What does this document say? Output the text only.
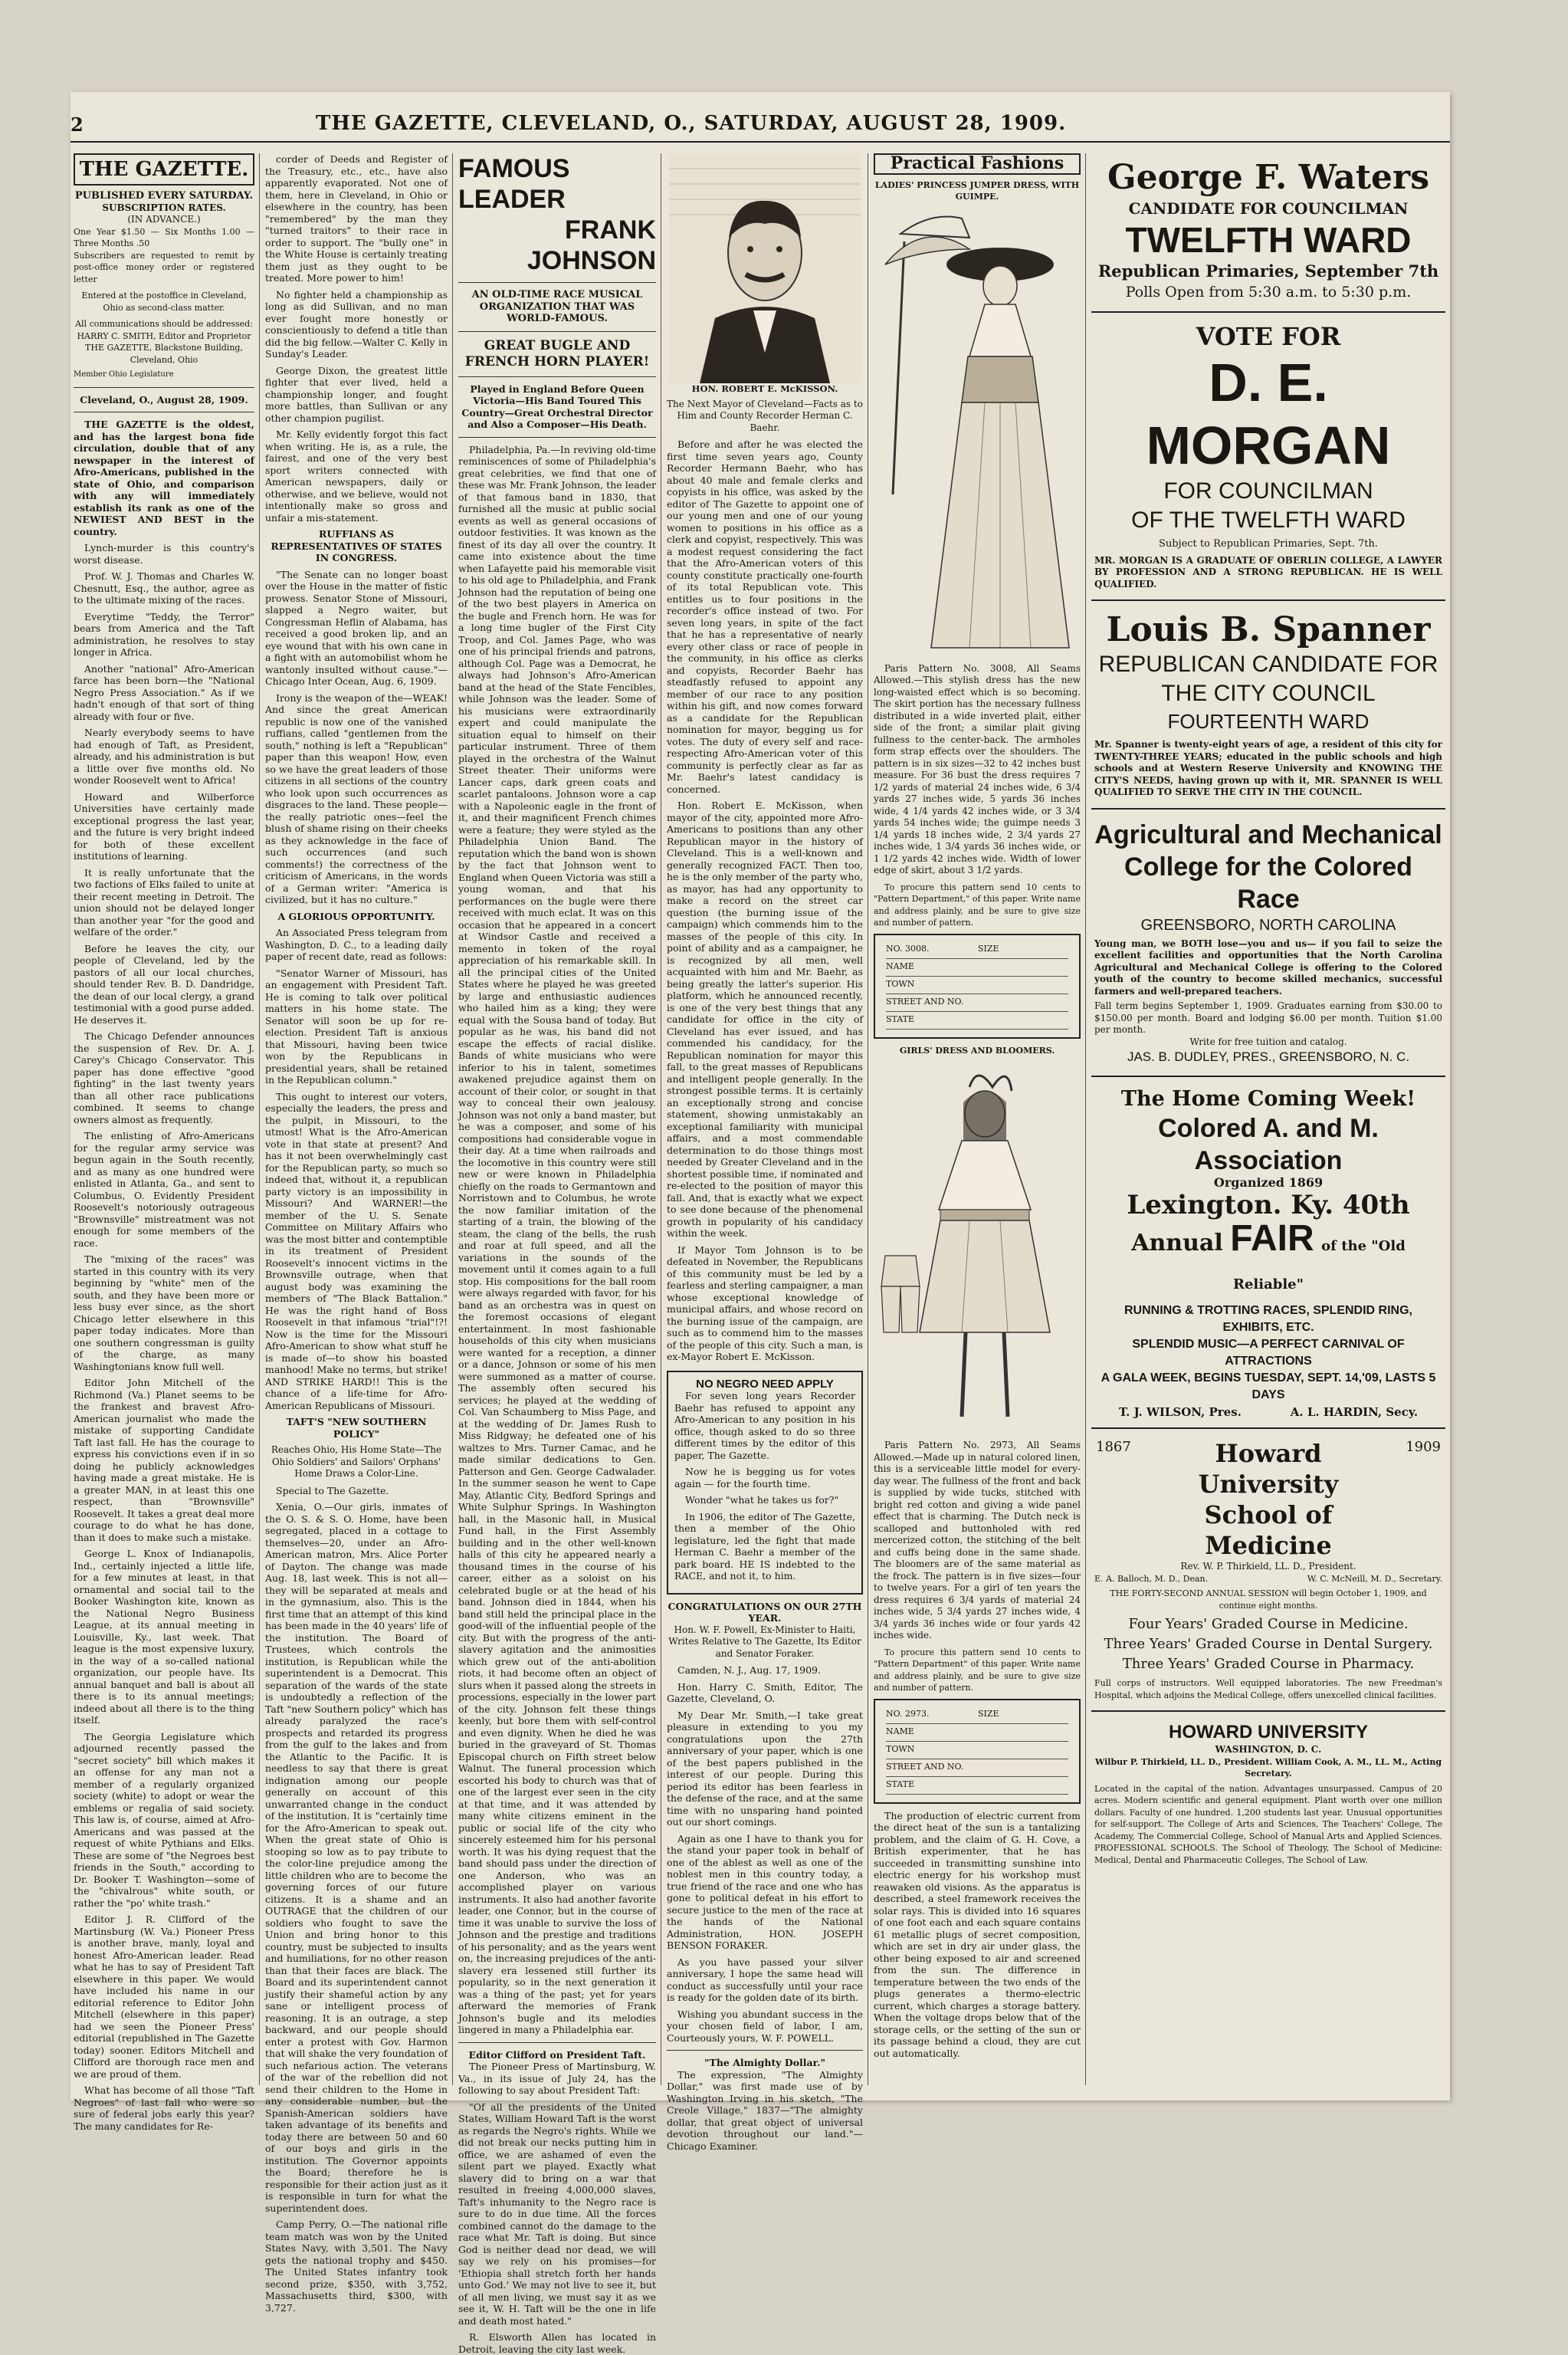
2	THE GAZETTE, CLEVELAND, O., SATURDAY, AUGUST 28, 1909.
THE GAZETTE.
PUBLISHED EVERY SATURDAY.
SUBSCRIPTION RATES.
(IN ADVANCE.)
One Year $1.50 — Six Months 1.00 — Three Months .50
Subscribers are requested to remit by post-office money order or registered letter
Entered at the postoffice in Cleveland, Ohio as second-class matter.
All communications should be addressed: HARRY C. SMITH, Editor and Proprietor THE GAZETTE, Blackstone Building, Cleveland, Ohio
Member Ohio Legislature
Cleveland, O., August 28, 1909.

THE GAZETTE is the oldest, and has the largest bona fide circulation, double that of any newspaper in the interest of Afro-Americans, published in the state of Ohio, and comparison with any will immediately establish its rank as one of the NEWIEST AND BEST in the country.

Lynch-murder is this country's worst disease.

Prof. W. J. Thomas and Charles W. Chesnutt, Esq., the author, agree as to the ultimate mixing of the races.

Everytime "Teddy, the Terror" bears from America and the Taft administration, he resolves to stay longer in Africa.

Another "national" Afro-American farce has been born—the "National Negro Press Association." As if we hadn't enough of that sort of thing already with four or five.

Nearly everybody seems to have had enough of Taft, as President, already, and his administration is but a little over five months old. No wonder Roosevelt went to Africa!

Howard and Wilberforce Universities have certainly made exceptional progress the last year, and the future is very bright indeed for both of these excellent institutions of learning.

It is really unfortunate that the two factions of Elks failed to unite at their recent meeting in Detroit. The union should not be delayed longer than another year "for the good and welfare of the order."

Before he leaves the city, our people of Cleveland, led by the pastors of all our local churches, should tender Rev. B. D. Dandridge, the dean of our local clergy, a grand testimonial with a good purse added. He deserves it.

The Chicago Defender announces the suspension of Rev. Dr. A. J. Carey's Chicago Conservator. This paper has done effective "good fighting" in the last twenty years than all other race publications combined. It seems to change owners almost as frequently.

The enlisting of Afro-Americans for the regular army service was begun again in the South recently, and as many as one hundred were enlisted in Atlanta, Ga., and sent to Columbus, O. Evidently President Roosevelt's notoriously outrageous "Brownsville" mistreatment was not enough for some members of the race.

The "mixing of the races" was started in this country with its very beginning by "white" men of the south, and they have been more or less busy ever since, as the short Chicago letter elsewhere in this paper today indicates. More than one southern congressman is guilty of the charge, as many Washingtonians know full well.

Editor John Mitchell of the Richmond (Va.) Planet seems to be the frankest and bravest Afro-American journalist who made the mistake of supporting Candidate Taft last fall. He has the courage to express his convictions even if in so doing he publicly acknowledges having made a great mistake. He is a greater MAN, in at least this one respect, than "Brownsville" Roosevelt. It takes a great deal more courage to do what he has done, than it does to make such a mistake.

George L. Knox of Indianapolis, Ind., certainly injected a little life, for a few minutes at least, in that ornamental and social tail to the Booker Washington kite, known as the National Negro Business League, at its annual meeting in Louisville, Ky., last week. That league is the most expensive luxury, in the way of a so-called national organization, our people have. Its annual banquet and ball is about all there is to its annual meetings; indeed about all there is to the thing itself.

The Georgia Legislature which adjourned recently passed the "secret society" bill which makes it an offense for any man not a member of a regularly organized society (white) to adopt or wear the emblems or regalia of said society. This law is, of course, aimed at Afro-Americans and was passed at the request of white Pythians and Elks. These are some of "the Negroes best friends in the South," according to Dr. Booker T. Washington—some of the "chivalrous" white south, or rather the "po' white trash."

Editor J. R. Clifford of the Martinsburg (W. Va.) Pioneer Press is another brave, manly, loyal and honest Afro-American leader. Read what he has to say of President Taft elsewhere in this paper. We would have included his name in our editorial reference to Editor John Mitchell (elsewhere in this paper) had we seen the Pioneer Press' editorial (republished in The Gazette today) sooner. Editors Mitchell and Clifford are thorough race men and we are proud of them.

What has become of all those "Taft Negroes" of last fall who were so sure of federal jobs early this year? The many candidates for Re-

corder of Deeds and Register of the Treasury, etc., etc., have also apparently evaporated. Not one of them, here in Cleveland, in Ohio or elsewhere in the country, has been "remembered" by the man they "turned traitors" to their race in order to support. The "bully one" in the White House is certainly treating them just as they ought to be treated. More power to him!

No fighter held a championship as long as did Sullivan, and no man ever fought more honestly or conscientiously to defend a title than did the big fellow.—Walter C. Kelly in Sunday's Leader.

George Dixon, the greatest little fighter that ever lived, held a championship longer, and fought more battles, than Sullivan or any other champion pugilist.

Mr. Kelly evidently forgot this fact when writing. He is, as a rule, the fairest, and one of the very best sport writers connected with American newspapers, daily or otherwise, and we believe, would not intentionally make so gross and unfair a mis-statement.

RUFFIANS AS REPRESENTATIVES OF STATES IN CONGRESS.

"The Senate can no longer boast over the House in the matter of fistic prowess. Senator Stone of Missouri, slapped a Negro waiter, but Congressman Heflin of Alabama, has received a good broken lip, and an eye wound that with his own cane in a fight with an automobilist whom he wantonly insulted without cause."—Chicago Inter Ocean, Aug. 6, 1909.

Irony is the weapon of the—WEAK! And since the great American republic is now one of the vanished ruffians, called "gentlemen from the south," nothing is left a "Republican" paper than this weapon! How, even so we have the great leaders of those citizens in all sections of the country who look upon such occurrences as disgraces to the land. These people—the really patriotic ones—feel the blush of shame rising on their cheeks as they acknowledge in the face of such occurrences (and such comments!) the correctness of the criticism of Americans, in the words of a German writer: "America is civilized, but it has no culture."

A GLORIOUS OPPORTUNITY.

An Associated Press telegram from Washington, D. C., to a leading daily paper of recent date, read as follows:

"Senator Warner of Missouri, has an engagement with President Taft. He is coming to talk over political matters in his home state. The Senator will soon be up for re-election. President Taft is anxious that Missouri, having been twice won by the Republicans in presidential years, shall be retained in the Republican column."

This ought to interest our voters, especially the leaders, the press and the pulpit, in Missouri, to the utmost! What is the Afro-American vote in that state at present? And has it not been overwhelmingly cast for the Republican party, so much so indeed that, without it, a republican party victory is an impossibility in Missouri? And WARNER!—the member of the U. S. Senate Committee on Military Affairs who was the most bitter and contemptible in its treatment of President Roosevelt's innocent victims in the Brownsville outrage, when that august body was examining the members of "The Black Battalion." He was the right hand of Boss Roosevelt in that infamous "trial"!?! Now is the time for the Missouri Afro-American to show what stuff he is made of—to show his boasted manhood! Make no terms, but strike! AND STRIKE HARD!! This is the chance of a life-time for Afro-American Republicans of Missouri.

TAFT'S "NEW SOUTHERN POLICY"
Reaches Ohio, His Home State—The Ohio Soldiers' and Sailors' Orphans' Home Draws a Color-Line.

Special to The Gazette.

Xenia, O.—Our girls, inmates of the O. S. & S. O. Home, have been segregated, placed in a cottage to themselves—20, under an Afro-American matron, Mrs. Alice Porter of Dayton. The change was made Aug. 18, last week. This is not all—they will be separated at meals and in the gymnasium, also. This is the first time that an attempt of this kind has been made in the 40 years' life of the institution. The Board of Trustees, which controls the institution, is Republican while the superintendent is a Democrat. This separation of the wards of the state is undoubtedly a reflection of the Taft "new Southern policy" which has already paralyzed the race's prospects and retarded its progress from the gulf to the lakes and from the Atlantic to the Pacific. It is needless to say that there is great indignation among our people generally on account of this unwarranted change in the conduct of the institution. It is "certainly time for the Afro-American to speak out. When the great state of Ohio is stooping so low as to pay tribute to the color-line prejudice among the little children who are to become the governing forces of our future citizens. It is a shame and an OUTRAGE that the children of our soldiers who fought to save the Union and bring honor to this country, must be subjected to insults and humiliations, for no other reason than that their faces are black. The Board and its superintendent cannot justify their shameful action by any sane or intelligent process of reasoning. It is an outrage, a step backward, and our people should enter a protest with Gov. Harmon that will shake the very foundation of such nefarious action. The veterans of the war of the rebellion did not send their children to the Home in any considerable number, but the Spanish-American soldiers have taken advantage of its benefits and today there are between 50 and 60 of our boys and girls in the institution. The Governor appoints the Board; therefore he is responsible for their action just as it is responsible in turn for what the superintendent does.

Camp Perry, O.—The national rifle team match was won by the United States Navy, with 3,501. The Navy gets the national trophy and $450. The United States infantry took second prize, $350, with 3,752, Massachusetts third, $300, with 3,727.

FAMOUS LEADER
FRANK JOHNSON
AN OLD-TIME RACE MUSICAL ORGANIZATION THAT WAS WORLD-FAMOUS.
GREAT BUGLE AND FRENCH HORN PLAYER!
Played in England Before Queen Victoria—His Band Toured This Country—Great Orchestral Director and Also a Composer—His Death.

Philadelphia, Pa.—In reviving old-time reminiscences of some of Philadelphia's great celebrities, we find that one of these was Mr. Frank Johnson, the leader of that famous band in 1830, that furnished all the music at public social events as well as general occasions of outdoor festivities. It was known as the finest of its day all over the country. It came into existence about the time when Lafayette paid his memorable visit to his old age to Philadelphia, and Frank Johnson had the reputation of being one of the two best players in America on the bugle and French horn. He was for a long time bugler of the First City Troop, and Col. James Page, who was one of his principal friends and patrons, although Col. Page was a Democrat, he always had Johnson's Afro-American band at the head of the State Fencibles, while Johnson was the leader. Some of his musicians were extraordinarily expert and could manipulate the situation equal to himself on their particular instrument. Three of them played in the orchestra of the Walnut Street theater. Their uniforms were Lancer caps, dark green coats and scarlet pantaloons. Johnson wore a cap with a Napoleonic eagle in the front of it, and their magnificent French chimes were a feature; they were styled as the Philadelphia Union Band. The reputation which the band won is shown by the fact that Johnson went to England when Queen Victoria was still a young woman, and that his performances on the bugle were there received with much eclat. It was on this occasion that he appeared in a concert at Windsor Castle and received a memento in token of the royal appreciation of his remarkable skill. In all the principal cities of the United States where he played he was greeted by large and enthusiastic audiences who hailed him as a king; they were equal with the Sousa band of today. But popular as he was, his band did not escape the effects of racial dislike. Bands of white musicians who were inferior to his in talent, sometimes awakened prejudice against them on account of their color, or sought in that way to conceal their own jealousy. Johnson was not only a band master, but he was a composer, and some of his compositions had considerable vogue in their day. At a time when railroads and the locomotive in this country were still new or were known in Philadelphia chiefly on the roads to Germantown and Norristown and to Columbus, he wrote the now familiar imitation of the starting of a train, the blowing of the steam, the clang of the bells, the rush and roar at full speed, and all the variations in the sounds of the movement until it comes again to a full stop. His compositions for the ball room were always regarded with favor, for his band as an orchestra was in quest on the foremost occasions of elegant entertainment. In most fashionable households of this city when musicians were wanted for a reception, a dinner or a dance, Johnson or some of his men were summoned as a matter of course. The assembly often secured his services; he played at the wedding of Col. Van Schaumberg to Miss Page, and at the wedding of Dr. James Rush to Miss Ridgway; he defeated one of his waltzes to Mrs. Turner Camac, and he made similar dedications to Gen. Patterson and Gen. George Cadwalader. In the summer season he went to Cape May, Atlantic City, Bedford Springs and White Sulphur Springs. In Washington hall, in the Masonic hall, in Musical Fund hall, in the First Assembly building and in the other well-known halls of this city he appeared nearly a thousand times in the course of his career, either as a soloist on his celebrated bugle or at the head of his band. Johnson died in 1844, when his band still held the principal place in the good-will of the influential people of the city. But with the progress of the anti-slavery agitation and the animosities which grew out of the anti-abolition riots, it had become often an object of slurs when it passed along the streets in processions, especially in the lower part of the city. Johnson felt these things keenly, but bore them with self-control and even dignity. When he died he was buried in the graveyard of St. Thomas Episcopal church on Fifth street below Walnut. The funeral procession which escorted his body to church was that of one of the largest ever seen in the city at that time, and it was attended by many white citizens eminent in the public or social life of the city who sincerely esteemed him for his personal worth. It was his dying request that the band should pass under the direction of one Anderson, who was an accomplished player on various instruments. It also had another favorite leader, one Connor, but in the course of time it was unable to survive the loss of Johnson and the prestige and traditions of his personality; and as the years went on, the increasing prejudices of the anti-slavery era lessened still further its popularity, so in the next generation it was a thing of the past; yet for years afterward the memories of Frank Johnson's bugle and its melodies lingered in many a Philadelphia ear.

Editor Clifford on President Taft.

The Pioneer Press of Martinsburg, W. Va., in its issue of July 24, has the following to say about President Taft:

"Of all the presidents of the United States, William Howard Taft is the worst as regards the Negro's rights. While we did not break our necks putting him in office, we are ashamed of even the silent part we played. Exactly what slavery did to bring on a war that resulted in freeing 4,000,000 slaves, Taft's inhumanity to the Negro race is sure to do in due time. All the forces combined cannot do the damage to the race what Mr. Taft is doing. But since God is neither dead nor dead, we will say we rely on his promises—for 'Ethiopia shall stretch forth her hands unto God.' We may not live to see it, but of all men living, we must say it as we see it, W. H. Taft will be the one in life and death most hated."

R. Elsworth Allen has located in Detroit, leaving the city last week.

HON. ROBERT E. McKISSON.
The Next Mayor of Cleveland—Facts as to Him and County Recorder Herman C. Baehr.

Before and after he was elected the first time seven years ago, County Recorder Hermann Baehr, who has about 40 male and female clerks and copyists in his office, was asked by the editor of The Gazette to appoint one of our young men and one of our young women to positions in his office as a clerk and copyist, respectively. This was a modest request considering the fact that the Afro-American voters of this county constitute practically one-fourth of its total Republican vote. This entitles us to four positions in the recorder's office instead of two. For seven long years, in spite of the fact that he has a representative of nearly every other class or race of people in the community, in his office as clerks and copyists, Recorder Baehr has steadfastly refused to appoint any member of our race to any position within his gift, and now comes forward as a candidate for the Republican nomination for mayor, begging us for votes. The duty of every self and race-respecting Afro-American voter of this community is perfectly clear as far as Mr. Baehr's latest candidacy is concerned.

Hon. Robert E. McKisson, when mayor of the city, appointed more Afro-Americans to positions than any other Republican mayor in the history of Cleveland. This is a well-known and generally recognized FACT. Then too, he is the only member of the party who, as mayor, has had any opportunity to make a record on the street car question (the burning issue of the campaign) which commends him to the masses of the people of this city. In point of ability and as a campaigner, he is recognized by all men, well acquainted with him and Mr. Baehr, as being greatly the latter's superior. His platform, which he announced recently, is one of the very best things that any candidate for office in the city of Cleveland has ever issued, and has commended his candidacy, for the Republican nomination for mayor this fall, to the great masses of Republicans and intelligent people generally. In the strongest possible terms. It is certainly an exceptionally strong and concise statement, showing unmistakably an exceptional familiarity with municipal affairs, and a most commendable determination to do those things most needed by Greater Cleveland and in the shortest possible time, if nominated and re-elected to the position of mayor this fall. And, that is exactly what we expect to see done because of the phenomenal growth in popularity of his candidacy within the week.

If Mayor Tom Johnson is to be defeated in November, the Republicans of this community must be led by a fearless and sterling campaigner, a man whose exceptional knowledge of municipal affairs, and whose record on the burning issue of the campaign, are such as to commend him to the masses of the people of this city. Such a man, is ex-Mayor Robert E. McKisson.

NO NEGRO NEED APPLY

For seven long years Recorder Baehr has refused to appoint any Afro-American to any position in his office, though asked to do so three different times by the editor of this paper, The Gazette.

Now he is begging us for votes again — for the fourth time.

Wonder "what he takes us for?"

In 1906, the editor of The Gazette, then a member of the Ohio legislature, led the fight that made Herman C. Baehr a member of the park board. HE IS indebted to the RACE, and not it, to him.

CONGRATULATIONS ON OUR 27TH YEAR.
Hon. W. F. Powell, Ex-Minister to Haiti, Writes Relative to The Gazette, Its Editor and Senator Foraker.

Camden, N. J., Aug. 17, 1909.

Hon. Harry C. Smith, Editor, The Gazette, Cleveland, O.

My Dear Mr. Smith,—I take great pleasure in extending to you my congratulations upon the 27th anniversary of your paper, which is one of the best papers published in the interest of our people. During this period its editor has been fearless in the defense of the race, and at the same time with no unsparing hand pointed out our short comings.

Again as one I have to thank you for the stand your paper took in behalf of one of the ablest as well as one of the noblest men in this country today, a true friend of the race and one who has gone to political defeat in his effort to secure justice to the men of the race at the hands of the National Administration, HON. JOSEPH BENSON FORAKER.

As you have passed your silver anniversary, I hope the same head will conduct as successfully until your race is ready for the golden date of its birth.

Wishing you abundant success in the your chosen field of labor, I am, Courteously yours, W. F. POWELL.

"The Almighty Dollar."

The expression, "The Almighty Dollar," was first made use of by Washington Irving in his sketch, "The Creole Village," 1837—"The almighty dollar, that great object of universal devotion throughout our land."—Chicago Examiner.

Practical Fashions
LADIES' PRINCESS JUMPER DRESS, WITH GUIMPE.

Paris Pattern No. 3008, All Seams Allowed.—This stylish dress has the new long-waisted effect which is so becoming. The skirt portion has the necessary fullness distributed in a wide inverted plait, either side of the front; a similar plait giving fullness to the center-back. The armholes form strap effects over the shoulders. The pattern is in six sizes—32 to 42 inches bust measure. For 36 bust the dress requires 7 1/2 yards of material 24 inches wide, 6 3/4 yards 27 inches wide, 5 yards 36 inches wide, 4 1/4 yards 42 inches wide, or 3 3/4 yards 54 inches wide; the guimpe needs 3 1/4 yards 18 inches wide, 2 3/4 yards 27 inches wide, 1 3/4 yards 36 inches wide, or 1 1/2 yards 42 inches wide. Width of lower edge of skirt, about 3 1/2 yards.

To procure this pattern send 10 cents to "Pattern Department," of this paper. Write name and address plainly, and be sure to give size and number of pattern.

NO. 3008.	SIZE
NAME
TOWN
STREET AND NO.
STATE
GIRLS' DRESS AND BLOOMERS.

Paris Pattern No. 2973, All Seams Allowed.—Made up in natural colored linen, this is a serviceable little model for every-day wear. The fullness of the front and back is supplied by wide tucks, stitched with bright red cotton and giving a wide panel effect that is charming. The Dutch neck is scalloped and buttonholed with red mercerized cotton, the stitching of the belt and cuffs being done in the same shade. The bloomers are of the same material as the frock. The pattern is in five sizes—four to twelve years. For a girl of ten years the dress requires 6 3/4 yards of material 24 inches wide, 5 3/4 yards 27 inches wide, 4 3/4 yards 36 inches wide or four yards 42 inches wide.

To procure this pattern send 10 cents to "Pattern Department" of this paper. Write name and address plainly, and be sure to give size and number of pattern.

NO. 2973.	SIZE
NAME
TOWN
STREET AND NO.
STATE

The production of electric current from the direct heat of the sun is a tantalizing problem, and the claim of G. H. Cove, a British experimenter, that he has succeeded in transmitting sunshine into electric energy for his workshop must reawaken old visions. As the apparatus is described, a steel framework receives the solar rays. This is divided into 16 squares of one foot each and each square contains 61 metallic plugs of secret composition, which are set in dry air under glass, the other being exposed to air and screened from the sun. The difference in temperature between the two ends of the plugs generates a thermo-electric current, which charges a storage battery. When the voltage drops below that of the storage cells, or the setting of the sun or its passage behind a cloud, they are cut out automatically.

George F. Waters
CANDIDATE FOR COUNCILMAN
TWELFTH WARD
Republican Primaries, September 7th
Polls Open from 5:30 a.m. to 5:30 p.m.
VOTE FOR
D. E. MORGAN
FOR COUNCILMAN
OF THE TWELFTH WARD
Subject to Republican Primaries, Sept. 7th.
MR. MORGAN IS A GRADUATE OF OBERLIN COLLEGE, A LAWYER BY PROFESSION AND A STRONG REPUBLICAN. HE IS WELL QUALIFIED.
Louis B. Spanner
REPUBLICAN CANDIDATE FOR THE CITY COUNCIL
FOURTEENTH WARD
Mr. Spanner is twenty-eight years of age, a resident of this city for TWENTY-THREE YEARS; educated in the public schools and high schools and at Western Reserve University and KNOWING THE CITY'S NEEDS, having grown up with it, MR. SPANNER IS WELL QUALIFIED TO SERVE THE CITY IN THE COUNCIL.
Agricultural and Mechanical College for the Colored Race
GREENSBORO, NORTH CAROLINA
Young man, we BOTH lose—you and us— if you fail to seize the excellent facilities and opportunities that the North Carolina Agricultural and Mechanical College is offering to the Colored youth of the country to become skilled mechanics, successful farmers and well-prepared teachers.
Fall term begins September 1, 1909. Graduates earning from $30.00 to $150.00 per month. Board and lodging $6.00 per month. Tuition $1.00 per month.
Write for free tuition and catalog.
JAS. B. DUDLEY, PRES., GREENSBORO, N. C.
The Home Coming Week!
Colored A. and M. Association
Organized 1869
Lexington. Ky. 40th
Annual FAIR of the "Old Reliable"
RUNNING & TROTTING RACES, SPLENDID RING, EXHIBITS, ETC.
SPLENDID MUSIC—A PERFECT CARNIVAL OF ATTRACTIONS
A GALA WEEK, BEGINS TUESDAY, SEPT. 14,'09, LASTS 5 DAYS
T. J. WILSON, Pres.	A. L. HARDIN, Secy.
1867	1909
Howard University School of Medicine
Rev. W. P. Thirkield, LL. D., President.
E. A. Balloch, M. D., Dean.	W. C. McNeill, M. D., Secretary.
THE FORTY-SECOND ANNUAL SESSION will begin October 1, 1909, and continue eight months.
Four Years' Graded Course in Medicine.
Three Years' Graded Course in Dental Surgery.
Three Years' Graded Course in Pharmacy.
Full corps of instructors. Well equipped laboratories. The new Freedman's Hospital, which adjoins the Medical College, offers unexcelled clinical facilities.
HOWARD UNIVERSITY
WASHINGTON, D. C.
Wilbur P. Thirkield, LL. D., President. William Cook, A. M., LL. M., Acting Secretary.
Located in the capital of the nation. Advantages unsurpassed. Campus of 20 acres. Modern scientific and general equipment. Plant worth over one million dollars. Faculty of one hundred. 1,200 students last year. Unusual opportunities for self-support. The College of Arts and Sciences, The Teachers' College, The Academy, The Commercial College, School of Manual Arts and Applied Sciences. PROFESSIONAL SCHOOLS. The School of Theology, The School of Medicine: Medical, Dental and Pharmaceutic Colleges, The School of Law.
